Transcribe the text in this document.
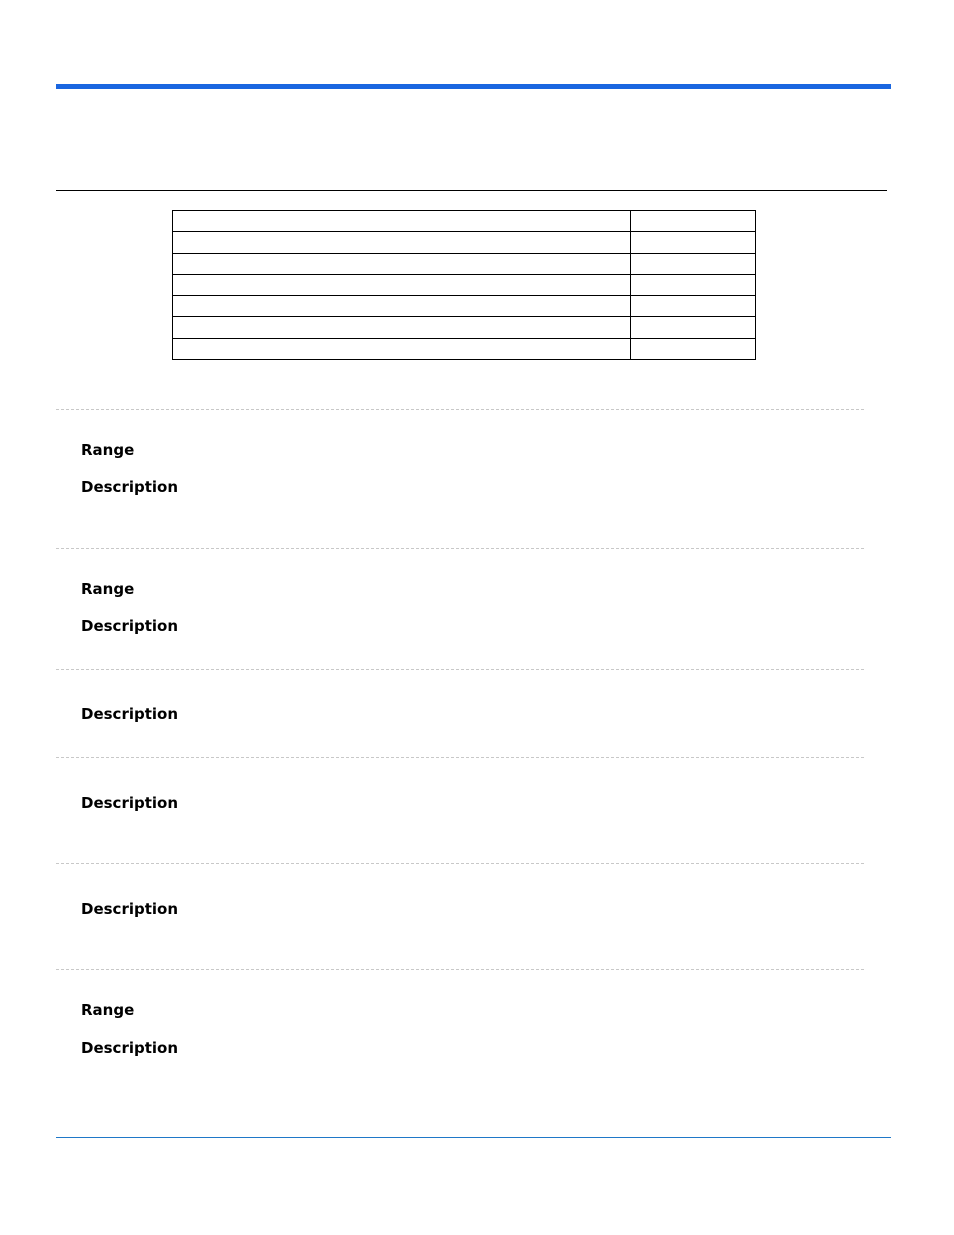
Range
Description
Range
Description
Description
Description
Description
Range
Description
